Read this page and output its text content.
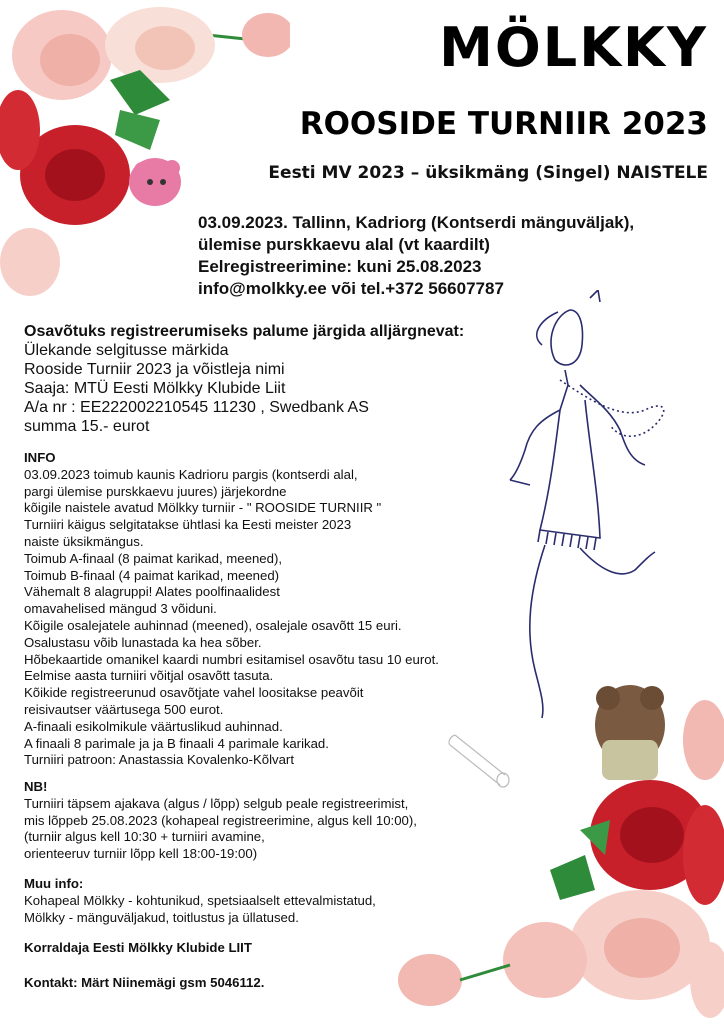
MÖLKKY
ROOSIDE TURNIIR 2023
Eesti MV 2023 – üksikmäng (Singel) NAISTELE
03.09.2023. Tallinn, Kadriorg (Kontserdi mänguväljak),
ülemise purskkaevu alal (vt kaardilt)
Eelregistreerimine: kuni 25.08.2023
info@molkky.ee või tel.+372 56607787
Osavõtuks registreerumiseks palume järgida alljärgnevat:
Ülekande selgitusse märkida
Rooside Turniir 2023 ja võistleja nimi
Saaja: MTÜ Eesti Mölkky Klubide Liit
A/a nr : EE222002210545 11230 , Swedbank AS
summa 15.- eurot
INFO
03.09.2023 toimub kaunis Kadrioru pargis (kontserdi alal,
pargi ülemise purskkaevu juures) järjekordne
kõigile naistele avatud Mölkky turniir - " ROOSIDE TURNIIR "
Turniiri käigus selgitatakse ühtlasi ka Eesti meister 2023
naiste üksikmängus.
Toimub A-finaal (8 paimat karikad, meened),
Toimub B-finaal (4 paimat karikad, meened)
Vähemalt 8 alagruppi! Alates poolfinaalidest
omavahelised mängud 3 võiduni.
Kõigile osalejatele auhinnad (meened), osalejale osavõtt 15 euri.
Osalustasu võib lunastada ka hea sõber.
Hõbekaartide omanikel kaardi numbri esitamisel osavõtu tasu 10 eurot.
Eelmise aasta turniiri võitjal osavõtt tasuta.
Kõikide registreerunud osavõtjate vahel loositakse peavõit
reisivautser väärtusega 500 eurot.
A-finaali esikolmikule väärtuslikud auhinnad.
A finaali 8 parimale ja ja B finaali 4 parimale karikad.
Turniiri patroon: Anastassia Kovalenko-Kõlvart
NB!
Turniiri täpsem ajakava (algus / lõpp) selgub peale registreerimist,
mis lõppeb 25.08.2023 (kohapeal registreerimine, algus kell 10:00),
(turniir algus kell 10:30 + turniiri avamine,
orienteeruv turniir lõpp kell 18:00-19:00)
Muu info:
Kohapeal Mölkky - kohtunikud, spetsiaalselt ettevalmistatud,
Mölkky - mänguväljakud, toitlustus ja üllatused.
Korraldaja Eesti Mölkky Klubide LIIT
Kontakt: Märt Niinemägi gsm 5046112.
